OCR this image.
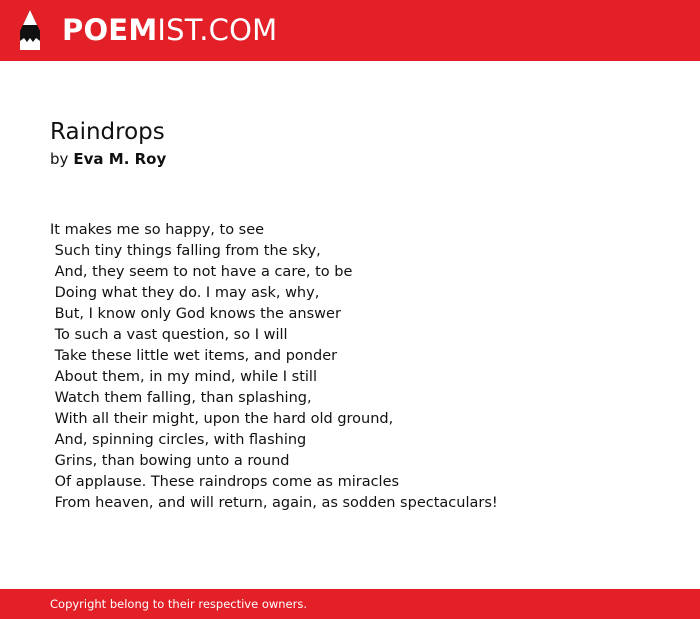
POEMIST.COM
Raindrops
by Eva M. Roy
It makes me so happy, to see
Such tiny things falling from the sky,
And, they seem to not have a care, to be
Doing what they do. I may ask, why,
But, I know only God knows the answer
To such a vast question, so I will
Take these little wet items, and ponder
About them, in my mind, while I still
Watch them falling, than splashing,
With all their might, upon the hard old ground,
And, spinning circles, with flashing
Grins, than bowing unto a round
Of applause. These raindrops come as miracles
From heaven, and will return, again, as sodden spectaculars!
Copyright belong to their respective owners.
